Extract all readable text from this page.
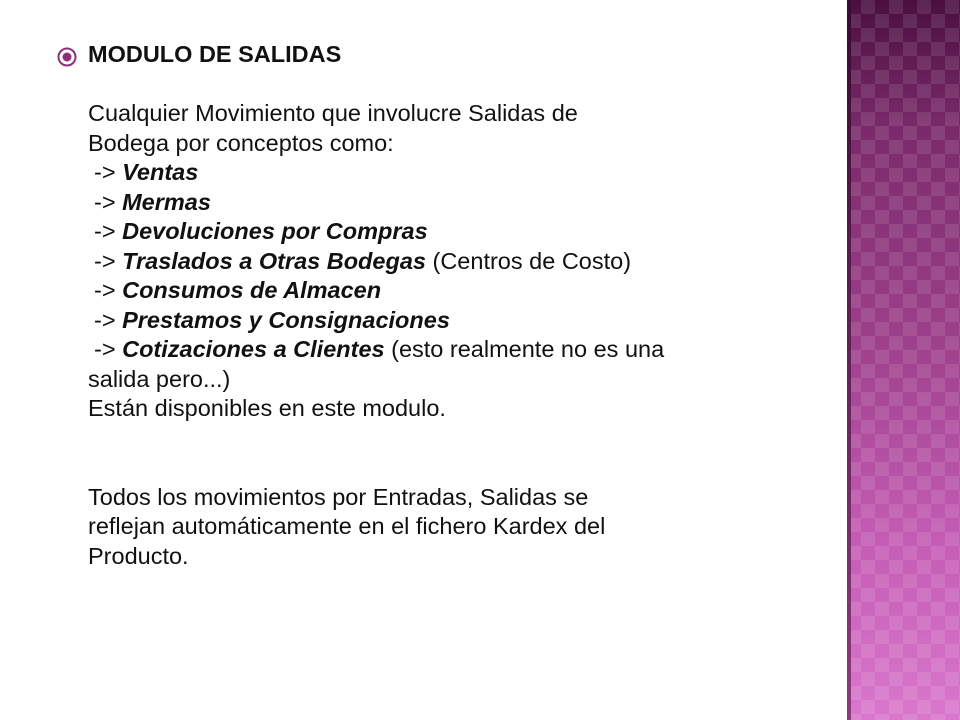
MODULO DE SALIDAS
Cualquier Movimiento que involucre Salidas de
Bodega por conceptos como:
-> Ventas
-> Mermas
-> Devoluciones por Compras
-> Traslados a Otras Bodegas (Centros de Costo)
-> Consumos de Almacen
-> Prestamos y Consignaciones
-> Cotizaciones a Clientes (esto realmente no es una
salida pero...)
Están disponibles en este modulo.
Todos los movimientos por Entradas, Salidas se
reflejan automáticamente en el fichero Kardex del
Producto.
